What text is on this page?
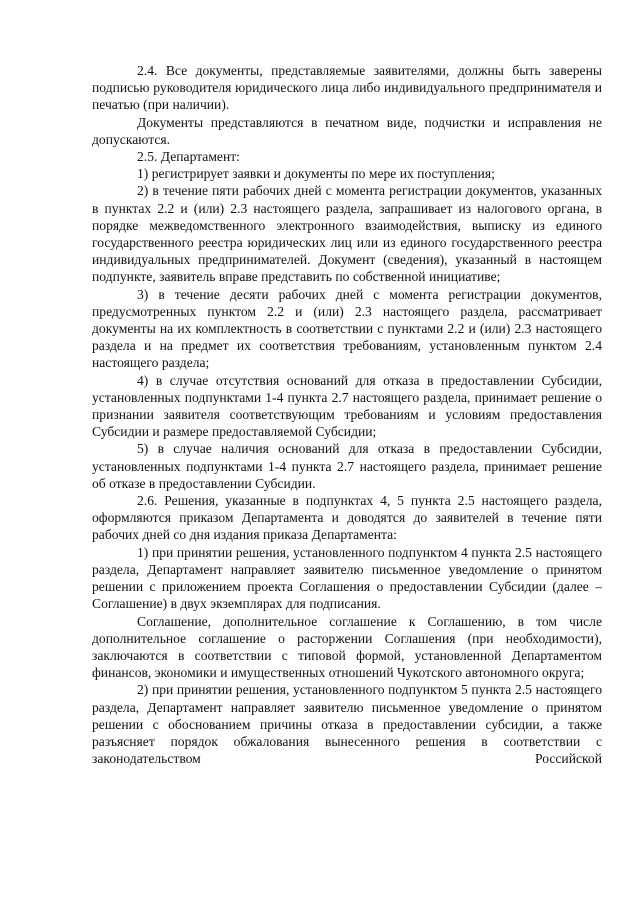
2.4. Все документы, представляемые заявителями, должны быть заверены подписью руководителя юридического лица либо индивидуального предпринимателя и печатью (при наличии).

Документы представляются в печатном виде, подчистки и исправления не допускаются.

2.5. Департамент:

1) регистрирует заявки и документы по мере их поступления;

2) в течение пяти рабочих дней с момента регистрации документов, указанных в пунктах 2.2 и (или) 2.3 настоящего раздела, запрашивает из налогового органа, в порядке межведомственного электронного взаимодействия, выписку из единого государственного реестра юридических лиц или из единого государственного реестра индивидуальных предпринимателей. Документ (сведения), указанный в настоящем подпункте, заявитель вправе представить по собственной инициативе;

3) в течение десяти рабочих дней с момента регистрации документов, предусмотренных пунктом 2.2 и (или) 2.3 настоящего раздела, рассматривает документы на их комплектность в соответствии с пунктами 2.2 и (или) 2.3 настоящего раздела и на предмет их соответствия требованиям, установленным пунктом 2.4 настоящего раздела;

4) в случае отсутствия оснований для отказа в предоставлении Субсидии, установленных подпунктами 1-4 пункта 2.7 настоящего раздела, принимает решение о признании заявителя соответствующим требованиям и условиям предоставления Субсидии и размере предоставляемой Субсидии;

5) в случае наличия оснований для отказа в предоставлении Субсидии, установленных подпунктами 1-4 пункта 2.7 настоящего раздела, принимает решение об отказе в предоставлении Субсидии.

2.6. Решения, указанные в подпунктах 4, 5 пункта 2.5 настоящего раздела, оформляются приказом Департамента и доводятся до заявителей в течение пяти рабочих дней со дня издания приказа Департамента:

1) при принятии решения, установленного подпунктом 4 пункта 2.5 настоящего раздела, Департамент направляет заявителю письменное уведомление о принятом решении с приложением проекта Соглашения о предоставлении Субсидии (далее – Соглашение) в двух экземплярах для подписания.

Соглашение, дополнительное соглашение к Соглашению, в том числе дополнительное соглашение о расторжении Соглашения (при необходимости), заключаются в соответствии с типовой формой, установленной Департаментом финансов, экономики и имущественных отношений Чукотского автономного округа;

2) при принятии решения, установленного подпунктом 5 пункта 2.5 настоящего раздела, Департамент направляет заявителю письменное уведомление о принятом решении с обоснованием причины отказа в предоставлении субсидии, а также разъясняет порядок обжалования вынесенного решения в соответствии с законодательством Российской
